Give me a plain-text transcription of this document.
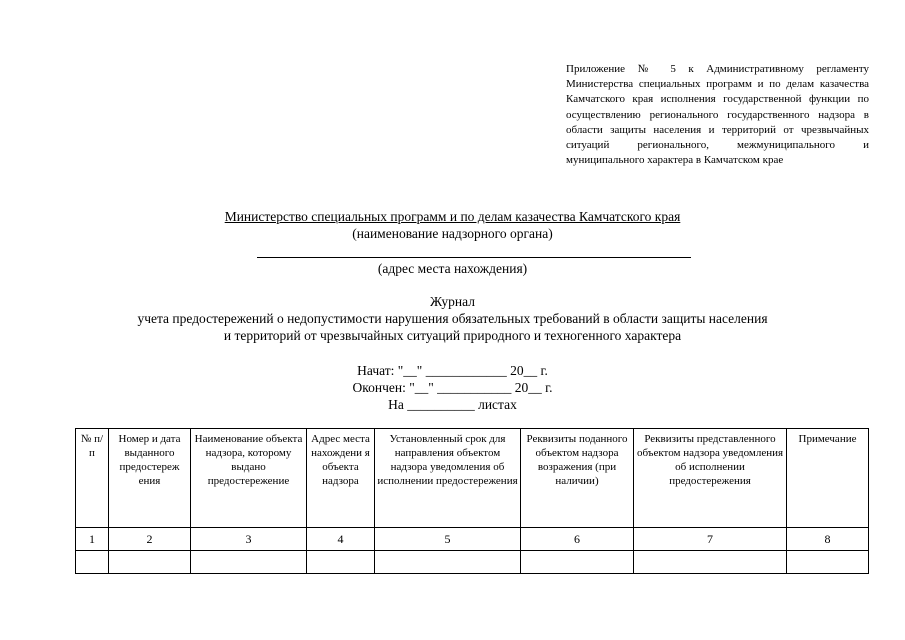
Приложение № 5 к Административному регламенту Министерства специальных программ и по делам казачества Камчатского края исполнения государственной функции по осуществлению регионального государственного надзора в области защиты населения и территорий от чрезвычайных ситуаций регионального, межмуниципального и муниципального характера в Камчатском крае
Министерство специальных программ и по делам казачества Камчатского края
(наименование надзорного органа)
(адрес места нахождения)
Журнал
учета предостережений о недопустимости нарушения обязательных требований в области защиты населения
и территорий от чрезвычайных ситуаций природного и техногенного характера
Начат: "__" ____________ 20__ г.
Окончен: "__" ___________ 20__ г.
На __________ листах
№ п/п	Номер и дата выданного предостереж ения	Наименование объекта надзора, которому выдано предостережение	Адрес места нахождени я объекта надзора	Установленный срок для направления объектом надзора уведомления об исполнении предостережения	Реквизиты поданного объектом надзора возражения (при наличии)	Реквизиты представленного объектом надзора уведомления об исполнении предостережения	Примечание
1	2	3	4	5	6	7	8
